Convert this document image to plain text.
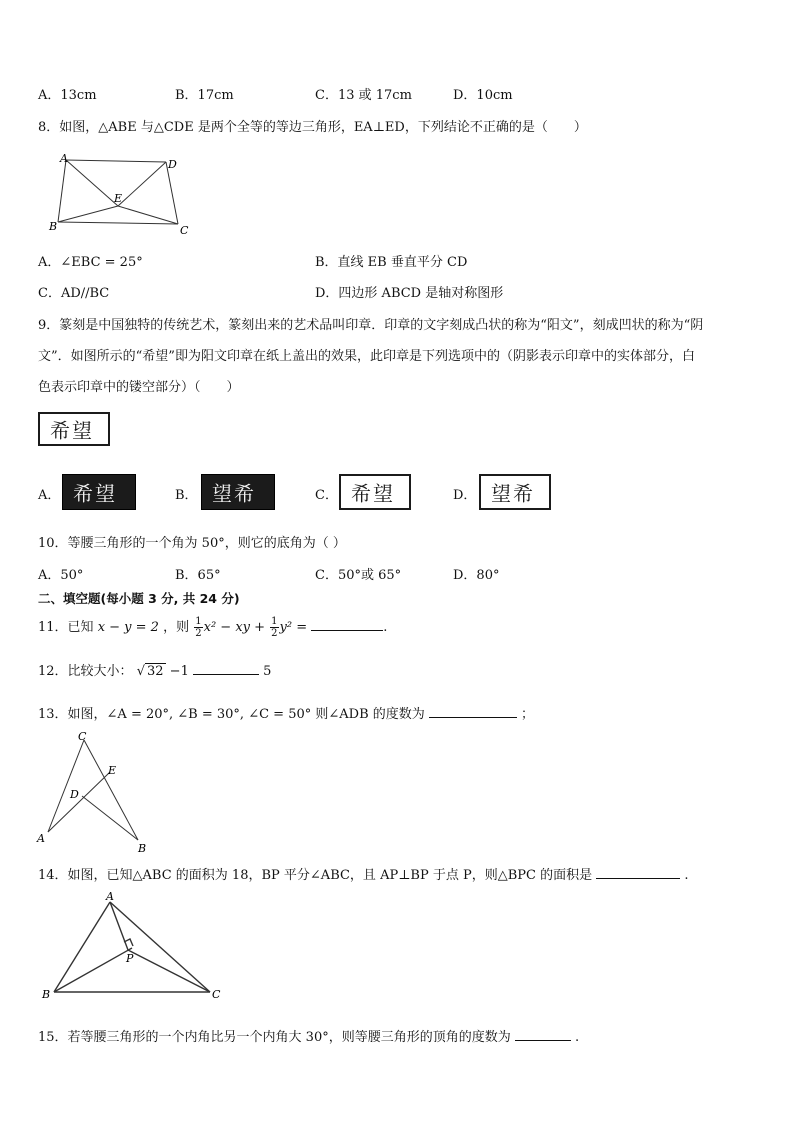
A．13cm	B．17cm	C．13 或 17cm	D．10cm
8．如图，△ABE 与△CDE 是两个全等的等边三角形，EA⊥ED，下列结论不正确的是（　　）
A	D
E
B	C
A．∠EBC = 25°	B．直线 EB 垂直平分 CD
C．AD//BC	D．四边形 ABCD 是轴对称图形
9．篆刻是中国独特的传统艺术，篆刻出来的艺术品叫印章．印章的文字刻成凸状的称为“阳文”，刻成凹状的称为“阴
文”．如图所示的“希望”即为阳文印章在纸上盖出的效果，此印章是下列选项中的（阴影表示印章中的实体部分，白
色表示印章中的镂空部分）（　　）
希望
A． 希望	B． 望希	C． 希望	D． 望希
10．等腰三角形的一个角为 50°，则它的底角为（ ）
A．50°	B．65°	C．50°或 65°	D．80°
二、填空题(每小题 3 分, 共 24 分)
11．已知 x − y = 2 ，则 $\frac{1}{2} x^2$ − xy + $\frac{1}{2} y^2$ =	.
12．比较大小： √ 32 −1	5
13．如图，∠A = 20°, ∠B = 30°, ∠C = 50° 则∠ADB 的度数为	；
C
E
D
A
B
14．如图，已知△ABC 的面积为 18，BP 平分∠ABC，且 AP⊥BP 于点 P，则△BPC 的面积是	.
A
P
B	C
15．若等腰三角形的一个内角比另一个内角大 30°，则等腰三角形的顶角的度数为	.
